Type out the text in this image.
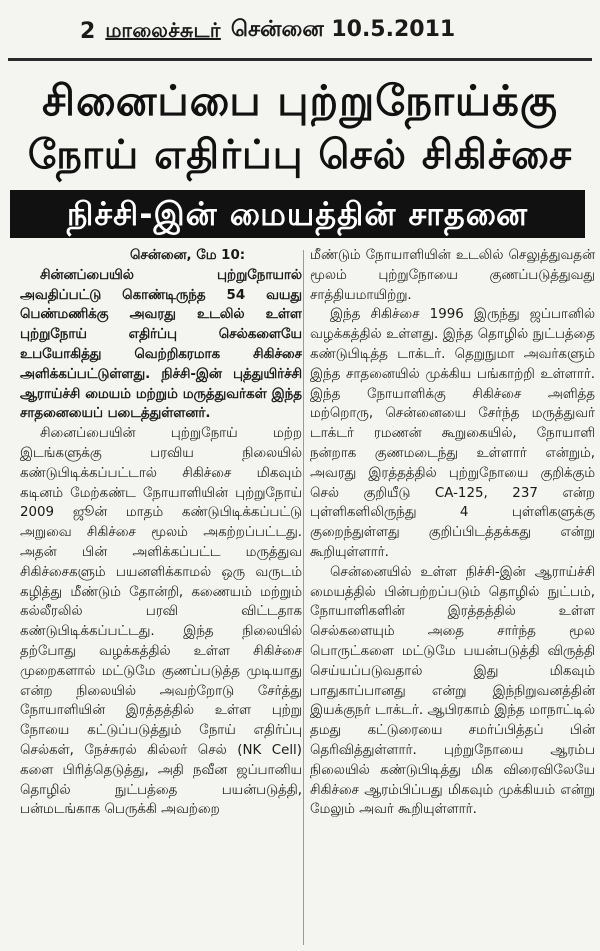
2 மாலைச்சுடர் சென்னை 10.5.2011
சினைப்பை புற்றுநோய்க்கு
நோய் எதிர்ப்பு செல் சிகிச்சை
நிச்சி-இன் மையத்தின் சாதனை

சென்னை, மே 10:

சின்னப்பையில் புற்றுநோயால் அவதிப்பட்டு கொண்டிருந்த 54 வயது பெண்மணிக்கு அவரது உடலில் உள்ள புற்றுநோய் எதிர்ப்பு செல்களையே உபயோகித்து வெற்றிகரமாக சிகிச்சை அளிக்கப்பட்டுள்ளது. நிச்சி-இன் புத்துயிர்ச்சி ஆராய்ச்சி மையம் மற்றும் மருத்துவர்கள் இந்த சாதனையைப் படைத்துள்ளனர்.

சினைப்பையின் புற்றுநோய் மற்ற இடங்களுக்கு பரவிய நிலையில் கண்டுபிடிக்கப்பட்டால் சிகிச்சை மிகவும் கடினம் மேற்கண்ட நோயாளியின் புற்றுநோய் 2009 ஜூன் மாதம் கண்டுபிடிக்கப்பட்டு அறுவை சிகிச்சை மூலம் அகற்றப்பட்டது. அதன் பின் அளிக்கப்பட்ட மருத்துவ சிகிச்சைகளும் பயனளிக்காமல் ஒரு வருடம் கழித்து மீண்டும் தோன்றி, கணையம் மற்றும் கல்லீரலில் பரவி விட்டதாக கண்டுபிடிக்கப்பட்டது. இந்த நிலையில் தற்போது வழக்கத்தில் உள்ள சிகிச்சை முறைகளால் மட்டுமே குணப்படுத்த முடியாது என்ற நிலையில் அவற்றோடு சேர்த்து நோயாளியின் இரத்தத்தில் உள்ள புற்று நோயை கட்டுப்படுத்தும் நோய் எதிர்ப்பு செல்கள், நேச்சுரல் கில்லர் செல் (NK Cell) களை பிரித்தெடுத்து, அதி நவீன ஜப்பானிய தொழில் நுட்பத்தை பயன்படுத்தி, பன்மடங்காக பெருக்கி அவற்றை

மீண்டும் நோயாளியின் உடலில் செலுத்துவதன் மூலம் புற்றுநோயை குணப்படுத்துவது சாத்தியமாயிற்று.

இந்த சிகிச்சை 1996 இருந்து ஜப்பானில் வழக்கத்தில் உள்ளது. இந்த தொழில் நுட்பத்தை கண்டுபிடித்த டாக்டர். தெறுநுமா அவர்களும் இந்த சாதனையில் முக்கிய பங்காற்றி உள்ளார். இந்த நோயாளிக்கு சிகிச்சை அளித்த மற்றொரு, சென்னையை சேர்ந்த மருத்துவர் டாக்டர் ரமணன் கூறுகையில், நோயாளி நன்றாக குணமடைந்து உள்ளார் என்றும், அவரது இரத்தத்தில் புற்றுநோயை குறிக்கும் செல் குறியீடு CA-125, 237 என்ற புள்ளிகளிலிருந்து 4 புள்ளிகளுக்கு குறைந்துள்ளது குறிப்பிடத்தக்கது என்று கூறியுள்ளார்.

சென்னையில் உள்ள நிச்சி-இன் ஆராய்ச்சி மையத்தில் பின்பற்றப்படும் தொழில் நுட்பம், நோயாளிகளின் இரத்தத்தில் உள்ள செல்களையும் அதை சார்ந்த மூல பொருட்களை மட்டுமே பயன்படுத்தி விருத்தி செய்யப்படுவதால் இது மிகவும் பாதுகாப்பானது என்று இந்நிறுவனத்தின் இயக்குநர் டாக்டர். ஆபிரகாம் இந்த மாநாட்டில் தமது கட்டுரையை சமர்ப்பித்தப் பின் தெரிவித்துள்ளார். புற்றுநோயை ஆரம்ப நிலையில் கண்டுபிடித்து மிக விரைவிலேயே சிகிச்சை ஆரம்பிப்பது மிகவும் முக்கியம் என்று மேலும் அவர் கூறியுள்ளார்.
